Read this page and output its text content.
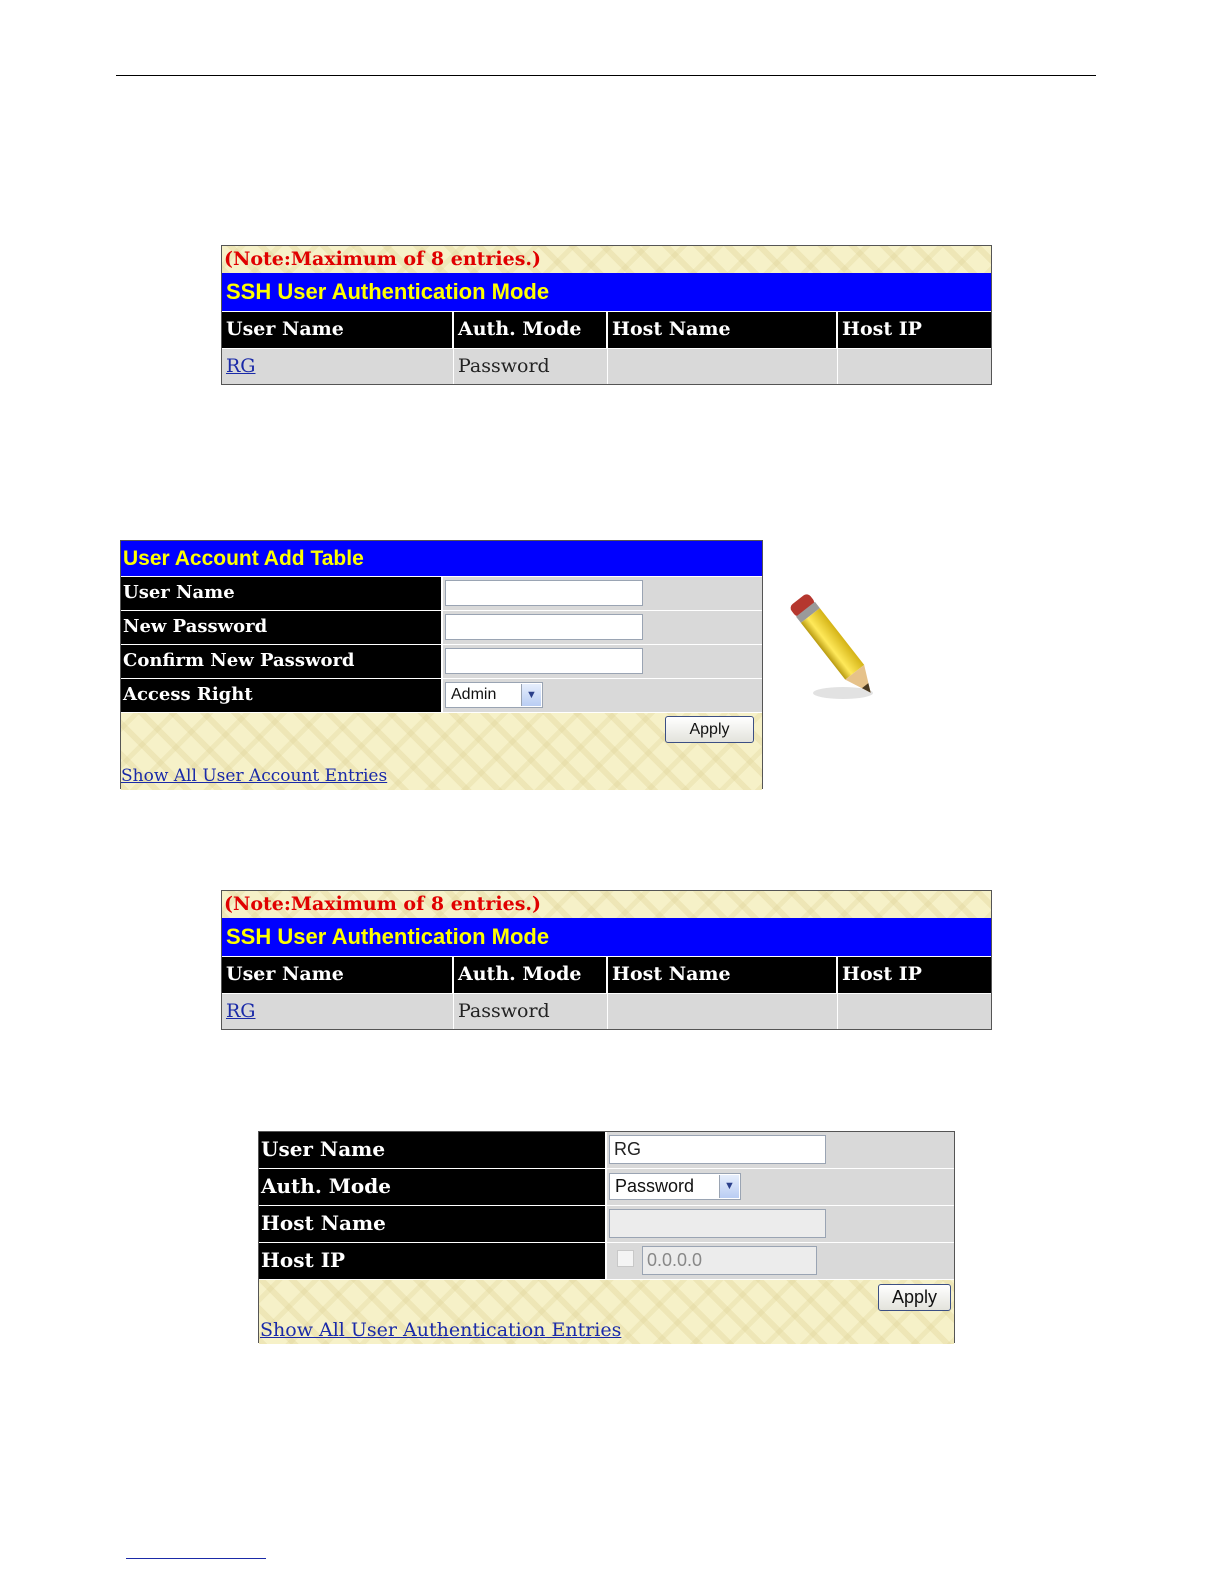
(Note:Maximum of 8 entries.)
SSH User Authentication Mode
User Name	Auth. Mode	Host Name	Host IP
RG	Password
User Account Add Table
User Name
New Password
Confirm New Password
Access Right	Admin	▼
Apply
Show All User Account Entries
(Note:Maximum of 8 entries.)
SSH User Authentication Mode
User Name	Auth. Mode	Host Name	Host IP
RG	Password
User Name	RG
Auth. Mode	Password	▼
Host Name
Host IP	0.0.0.0
Apply
Show All User Authentication Entries
